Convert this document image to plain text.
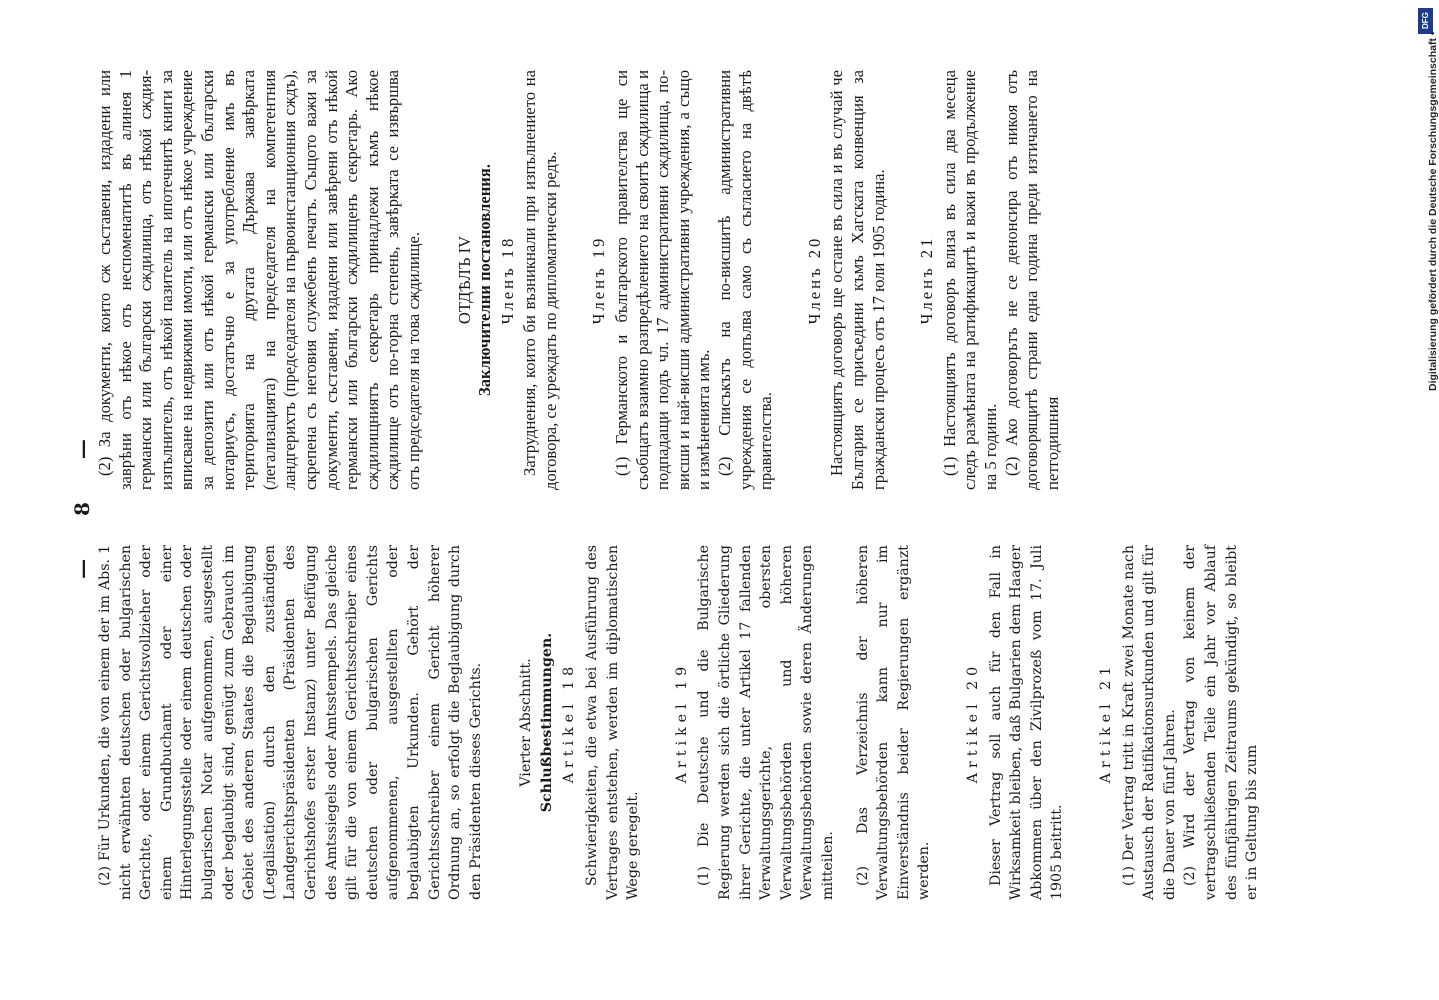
— 8 —

(2) Für Urkunden, die von einem der im Abs. 1 nicht erwähnten deutschen oder bulgarischen Gerichte, oder einem Gerichtsvollzieher oder einem Grundbuchamt oder einer Hinterlegungsstelle oder einem deutschen oder bulgarischen Notar aufgenommen, ausgestellt oder beglaubigt sind, genügt zum Gebrauch im Gebiet des anderen Staates die Beglaubigung (Legalisation) durch den zuständigen Landgerichtspräsidenten (Präsidenten des Gerichtshofes erster Instanz) unter Beifügung des Amtssiegels oder Amtsstempels. Das gleiche gilt für die von einem Gerichtsschreiber eines deutschen oder bulgarischen Gerichts aufgenommenen, ausgestellten oder beglaubigten Urkunden. Gehört der Gerichtsschreiber einem Gericht höherer Ordnung an, so erfolgt die Beglaubigung durch den Präsidenten dieses Gerichts. Vierter Abschnitt. Schlußbestimmungen. Artikel 18 Schwierigkeiten, die etwa bei Ausführung des Vertrages entstehen, werden im diplomatischen Wege geregelt.

Artikel 19 (1) Die Deutsche und die Bulgarische Regierung werden sich die örtliche Gliederung ihrer Gerichte, die unter Artikel 17 fallenden Verwaltungsgerichte, obersten Verwaltungsbehörden und höheren Verwaltungsbehörden sowie deren Änderungen mitteilen. (2) Das Verzeichnis der höheren Verwaltungsbehörden kann nur im Einverständnis beider Regierungen ergänzt werden.

Artikel 20 Dieser Vertrag soll auch für den Fall in Wirksamkeit bleiben, daß Bulgarien dem Haager Abkommen über den Zivilprozeß vom 17. Juli 1905 beitritt.

Artikel 21 (1) Der Vertrag tritt in Kraft zwei Monate nach Austausch der Ratifikationsurkunden und gilt für die Dauer von fünf Jahren. (2) Wird der Vertrag von keinem der vertragschließenden Teile ein Jahr vor Ablauf des fünfjährigen Zeitraums gekündigt, so bleibt er in Geltung bis zum

(2) За документи, които сж съставени, издадени или заврѣни отъ нѣкое отъ неспоменатитѣ въ алинея 1 германски или български сждилища, отъ нѣкой сждия-изпълнитель, отъ нѣкой пазитель на ипотечнитѣ книги за вписване на недвижими имоти, или отъ нѣкое учреждение за депозити или отъ нѣкой германски или български нотариусъ, достатъчно е за употребление имъ въ територията на другата Държава завѣрката (легализацията) на председателя на компетентния ландгерихтъ (председателя на първоинстанционния сждъ), скрепена съ неговия служебенъ печатъ. Същото важи за документи, съставени, издадени или завѣрени отъ нѣкой германски или български сждилищенъ секретарь. Ако сждилищниятъ секретарь принадлежи къмъ нѣкое сждилище отъ по-горна степень, завѣрката се извършва отъ председателя на това сждилище. ОТДѢЛЪ IV Заключителни постановления. Членъ 18 Затруднения, които би възникнали при изпълнението на договора, се уреждать по дипломатически редъ. Членъ 19 (1) Германското и българското правителства ще си съобщатъ взаимно разпредѣлението на своитѣ сждилища и подпадащи подъ чл. 17 административни сждилища, по-висши и най-висши административни учреждения, а също и измѣненията имъ. (2) Списъкътъ на по-висшитѣ административни учреждения се допълва само съ съгласието на двѣтѣ правителства.

Членъ 20 Настоящиятъ договоръ ще остане въ сила и въ случай че България се присъедини къмъ Хагската конвенция за граждански процесъ отъ 17 юли 1905 година. Членъ 21 (1) Настоящиятъ договоръ влиза въ сила два месеца следъ размѣната на ратификацитѣ и важи въ продължение на 5 години. (2) Ако договорътъ не се денонсира отъ никоя отъ договорящитѣ страни една година преди изтичането на петгодишния

DFG
Digitalisierung gefördert durch die Deutsche Forschungsgemeinschaft •
